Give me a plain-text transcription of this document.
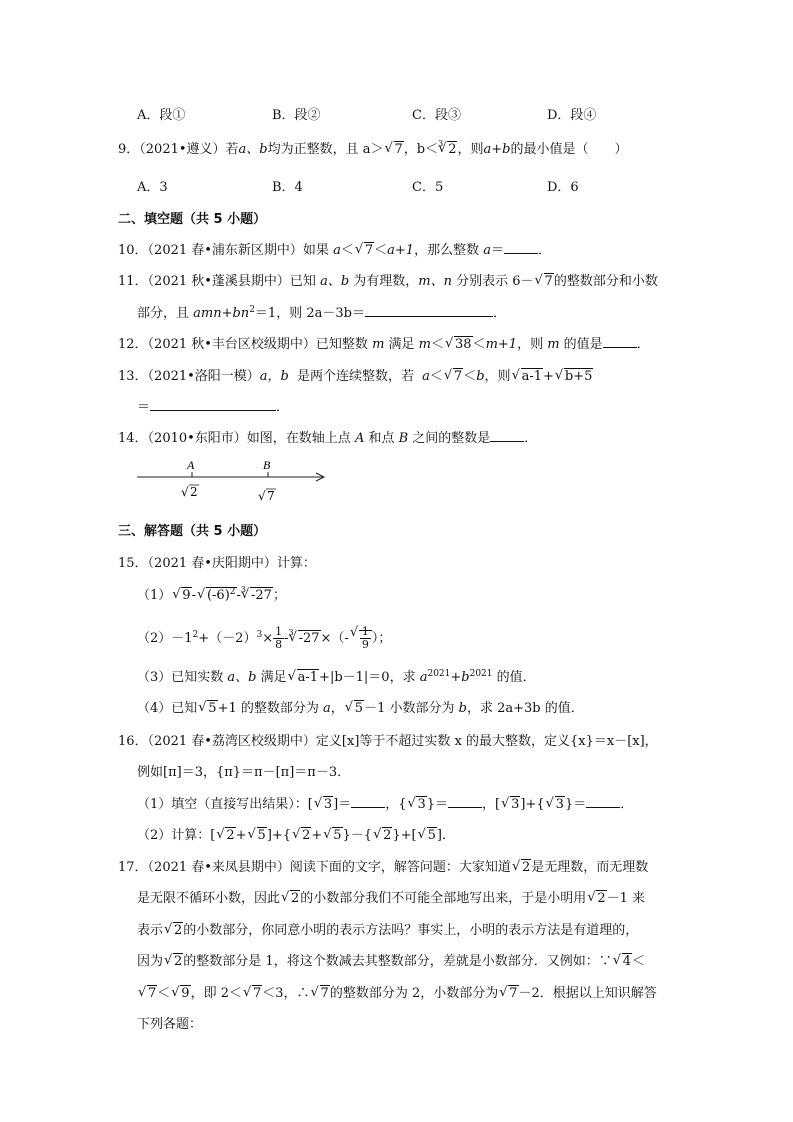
A．段①	B．段②	C．段③	D．段④
9．（2021•遵义）若a、b均为正整数，且 a＞√ 7，b＜$^3$√ 2，则a+b的最小值是（　　）
A．3	B．4	C．5	D．6
二、填空题（共 5 小题）
10．（2021 春•浦东新区期中）如果 a＜√ 7＜a+1，那么整数 a＝	．
11．（2021 秋•蓬溪县期中）已知 a、b 为有理数，m、n 分别表示 6－√ 7的整数部分和小数
部分，且 $amn+bn^2=1$，则 2a－3b＝	．
12．（2021 秋•丰台区校级期中）已知整数 m 满足 m＜√ 38＜m+1，则 m 的值是	．
13．（2021•洛阳一模）a，b 是两个连续整数，若 a＜√ 7＜b，则√ a-1+√ b+5
＝	．
14．（2010•东阳市）如图，在数轴上点 A 和点 B 之间的整数是	．
A	B
√ 2	√ 7
三、解答题（共 5 小题）
15．（2021 春•庆阳期中）计算：
（1）√ 9-√ $(-6)^2-^3√$ -27；
$(2)-1^2+(-2)^3\times \frac{1}{8} -^3√$ -27×（-
√ $\frac{1}{9}$ ）；
（3）已知实数 a、b 满足√ a-1+|b－1|＝0，求 $a^{2021}+b^{2021}$ 的值．
（4）已知√ 5+1 的整数部分为 a，√ 5－1 小数部分为 b，求 2a+3b 的值．
16．（2021 春•荔湾区校级期中）定义[x]等于不超过实数 x 的最大整数，定义{x}＝x－[x]，
例如[π]＝3，{π}＝π－[π]＝π－3．
（1）填空（直接写出结果）：[√ 3]＝	，{√ 3}＝	，[√ 3]+{√ 3}＝	．
（2）计算：[√ 2+√ 5]+{√ 2+√ 5}－{√ 2}+[√ 5]．
17．（2021 春•来凤县期中）阅读下面的文字，解答问题：大家知道√ 2是无理数，而无理数
是无限不循环小数，因此√ 2的小数部分我们不可能全部地写出来，于是小明用√ 2－1 来
表示√ 2的小数部分，你同意小明的表示方法吗？事实上，小明的表示方法是有道理的，
因为√ 2的整数部分是 1，将这个数减去其整数部分，差就是小数部分．又例如：∵√ 4＜
√ 7＜√ 9，即 2＜√ 7＜3，∴√ 7的整数部分为 2，小数部分为√ 7－2．根据以上知识解答
下列各题：
